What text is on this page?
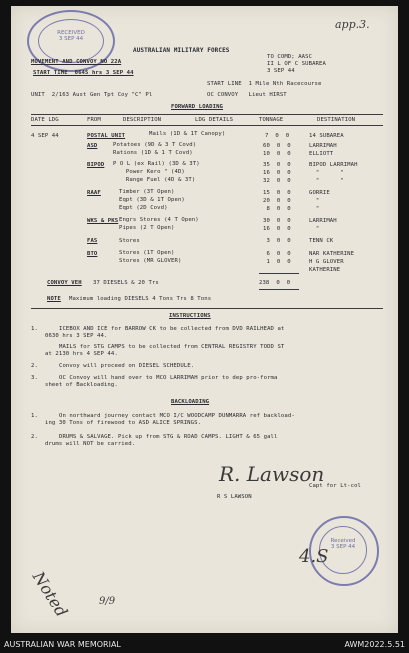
RECEIVED
3 SEP 44
app.3.
AUSTRALIAN MILITARY FORCES
MOVEMENT AND CONVOY NO 22A
TO COMD; AASC
II L OF C SUBAREA
START TIME  0645 hrs 3 SEP 44	3 SEP 44
START LINE  1 Mile Nth Racecourse
UNIT  2/163 Aust Gen Tpt Coy "C" Pl	OC CONVOY   Lieut HIRST
FORWARD LOADING
DATE LDG	FROM	DESCRIPTION	LDG DETAILS	TONNAGE	DESTINATION
4 SEP 44	POSTAL UNIT	Mails (1D & 1T Canopy)	7  0  0	14 SUBAREA
ASD	Potatoes (9D & 3 T Covd)	60  0  0	LARRIMAH
Rations (1D & 1 T Covd)	10  0  0	ELLIOTT
BIPOD P O L (ex Rail) (3D & 3T)	35  0  0	BIPOD LARRIMAH
Power Kero " (4D)	16  0  0	"      "
Range Fuel (4D & 3T)	32  0  0	"      "
RAAF	Timber (3T Open)	15  0  0	GORRIE
Eqpt (3D & 1T Open)	20  0  0	"
Eqpt (2D Covd)	8  0  0	"
WKS & PKS Engrs Stores (4 T Open)	30  0  0	LARRIMAH
Pipes (2 T Open)	16  0  0	"
FAS	Stores	3  0  0	TENN CK
BTO	Stores (1T Open)	6  0  0	NAR KATHERINE
Stores (MR GLOVER)	1  0  0	H G GLOVER
KATHERINE
CONVOY VEH 37 DIESELS & 20 Trs	238  0  0
NOTE Maximum loading DIESELS 4 Tons Trs 8 Tons
INSTRUCTIONS
1.	ICEBOX AND ICE for BARROW CK to be collected from DVD RAILHEAD at
0630 hrs 3 SEP 44.
MAILS for STG CAMPS to be collected from CENTRAL REGISTRY TODD ST
at 2130 hrs 4 SEP 44.
2.	Convoy will proceed on DIESEL SCHEDULE.
3.	OC Convoy will hand over to MCO LARRIMAH prior to dep pro-forma
sheet of Backloading.
BACKLOADING
1.	On northward journey contact MCO I/C WOODCAMP DUNMARRA ref backload-
ing 30 Tons of firewood to ASD ALICE SPRINGS.
2.	DRUMS & SALVAGE. Pick up from STG & ROAD CAMPS. LIGHT & 65 gall
drums will NOT be carried.
R. Lawson
Capt for Lt-col
R S LAWSON
Received
3 SEP 44
4.S
Noted	9/9
AUSTRALIAN WAR MEMORIAL	AWM2022.5.51
